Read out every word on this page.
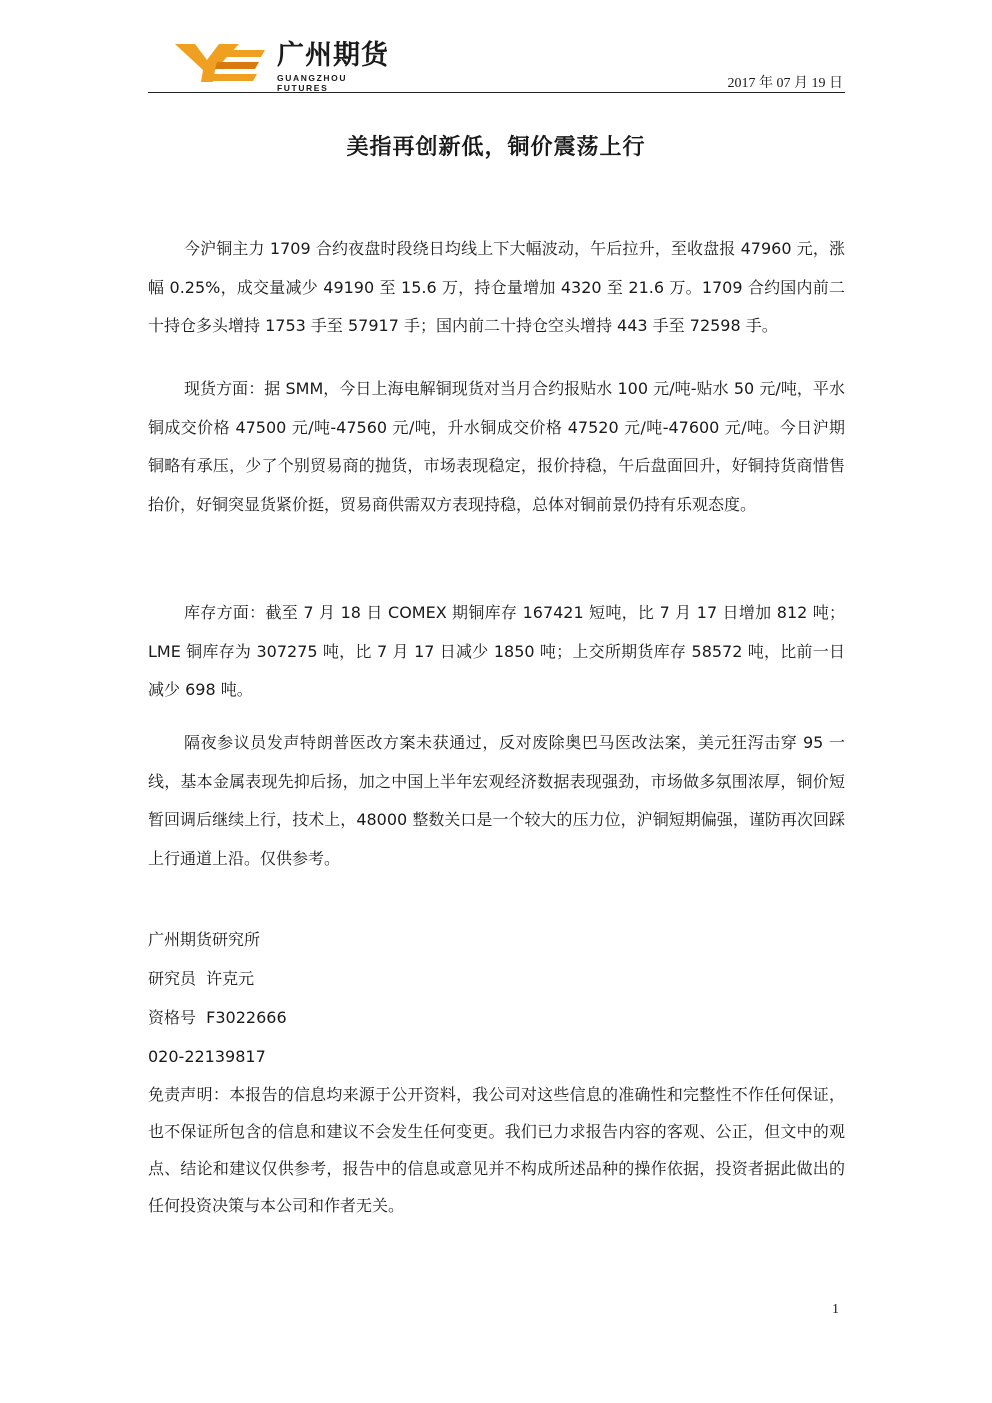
广州期货
GUANGZHOU FUTURES	2017 年 07 月 19 日
美指再创新低，铜价震荡上行

今沪铜主力 1709 合约夜盘时段绕日均线上下大幅波动，午后拉升，至收盘报 47960 元，涨幅 0.25%，成交量减少 49190 至 15.6 万，持仓量增加 4320 至 21.6 万。1709 合约国内前二十持仓多头增持 1753 手至 57917 手；国内前二十持仓空头增持 443 手至 72598 手。

现货方面：据 SMM，今日上海电解铜现货对当月合约报贴水 100 元/吨-贴水 50 元/吨，平水铜成交价格 47500 元/吨-47560 元/吨，升水铜成交价格 47520 元/吨-47600 元/吨。今日沪期铜略有承压，少了个别贸易商的抛货，市场表现稳定，报价持稳，午后盘面回升，好铜持货商惜售抬价，好铜突显货紧价挺，贸易商供需双方表现持稳，总体对铜前景仍持有乐观态度。

库存方面：截至 7 月 18 日 COMEX 期铜库存 167421 短吨，比 7 月 17 日增加 812 吨；LME 铜库存为 307275 吨，比 7 月 17 日减少 1850 吨；上交所期货库存 58572 吨，比前一日减少 698 吨。

隔夜参议员发声特朗普医改方案未获通过，反对废除奥巴马医改法案，美元狂泻击穿 95 一线，基本金属表现先抑后扬，加之中国上半年宏观经济数据表现强劲，市场做多氛围浓厚，铜价短暂回调后继续上行，技术上，48000 整数关口是一个较大的压力位，沪铜短期偏强，谨防再次回踩上行通道上沿。仅供参考。

广州期货研究所
研究员  许克元
资格号  F3022666
020-22139817

免责声明：本报告的信息均来源于公开资料，我公司对这些信息的准确性和完整性不作任何保证，也不保证所包含的信息和建议不会发生任何变更。我们已力求报告内容的客观、公正，但文中的观点、结论和建议仅供参考，报告中的信息或意见并不构成所述品种的操作依据，投资者据此做出的任何投资决策与本公司和作者无关。

1
